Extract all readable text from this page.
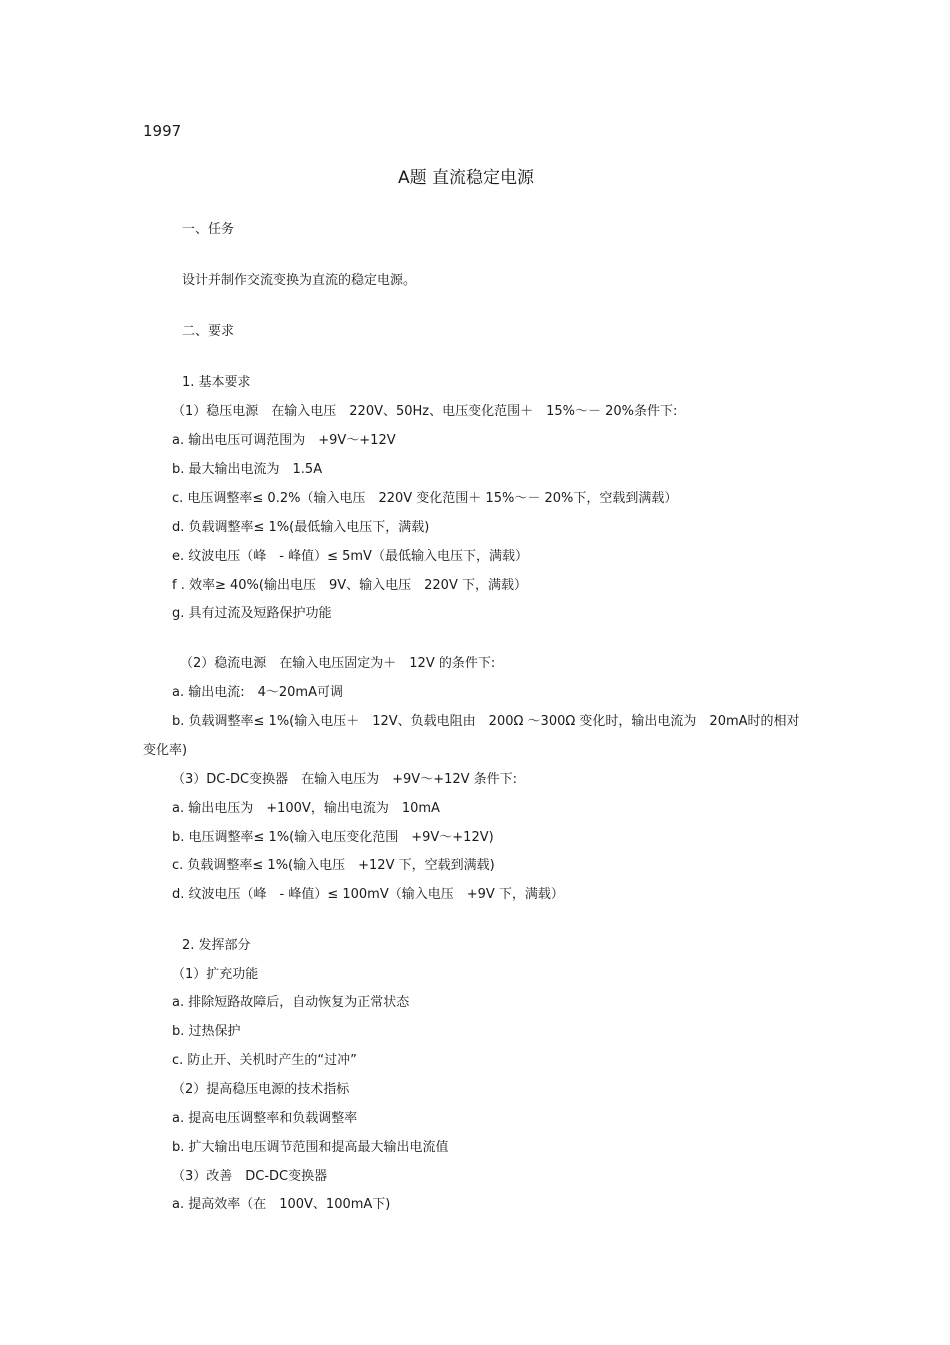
1997
A题 直流稳定电源
一、任务
设计并制作交流变换为直流的稳定电源。
二、要求
1. 基本要求
（1）稳压电源　在输入电压　220V、50Hz、电压变化范围＋　15%～－ 20%条件下:
a. 输出电压可调范围为　+9V～+12V
b. 最大输出电流为　1.5A
c. 电压调整率≤ 0.2%（输入电压　220V 变化范围＋ 15%～－ 20%下，空载到满载）
d. 负载调整率≤ 1%(最低输入电压下，满载)
e. 纹波电压（峰　- 峰值）≤ 5mV（最低输入电压下，满载）
f . 效率≥ 40%(输出电压　9V、输入电压　220V 下，满载）
g. 具有过流及短路保护功能
（2）稳流电源　在输入电压固定为＋　12V 的条件下:
a. 输出电流:　4～20mA可调
b. 负载调整率≤ 1%(输入电压＋　12V、负载电阻由　200Ω ～300Ω 变化时，输出电流为　20mA时的相对
变化率)
（3）DC-DC变换器　在输入电压为　+9V～+12V 条件下:
a. 输出电压为　+100V，输出电流为　10mA
b. 电压调整率≤ 1%(输入电压变化范围　+9V～+12V)
c. 负载调整率≤ 1%(输入电压　+12V 下，空载到满载)
d. 纹波电压（峰　- 峰值）≤ 100mV（输入电压　+9V 下，满载）
2. 发挥部分
（1）扩充功能
a. 排除短路故障后，自动恢复为正常状态
b. 过热保护
c. 防止开、关机时产生的“过冲”
（2）提高稳压电源的技术指标
a. 提高电压调整率和负载调整率
b. 扩大输出电压调节范围和提高最大输出电流值
（3）改善　DC-DC变换器
a. 提高效率（在　100V、100mA下)
